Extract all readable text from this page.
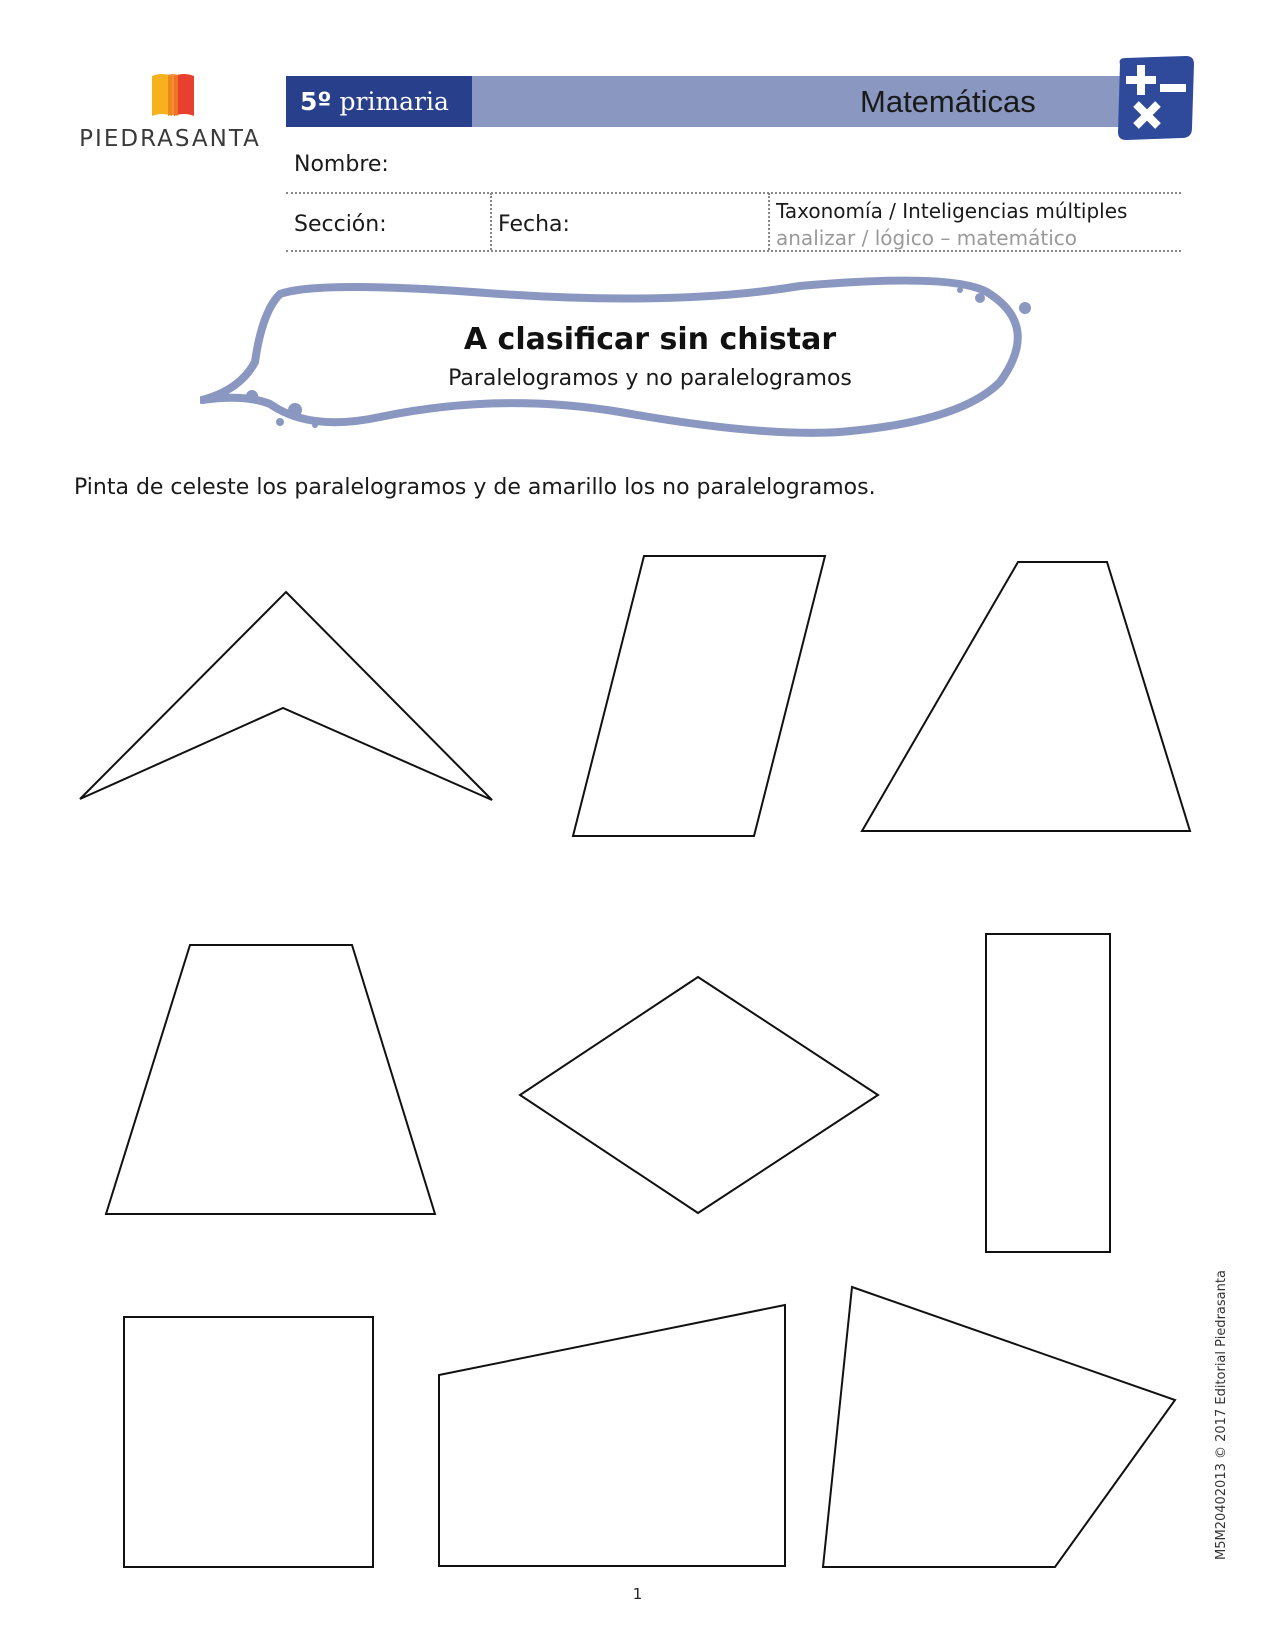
PIEDRASANTA
5º primaria	Matemáticas
Nombre:
Sección:	Fecha:
Taxonomía / Inteligencias múltiples
analizar / lógico – matemático
A clasificar sin chistar
Paralelogramos y no paralelogramos
Pinta de celeste los paralelogramos y de amarillo los no paralelogramos.
M5M20402013 © 2017 Editorial Piedrasanta
1
